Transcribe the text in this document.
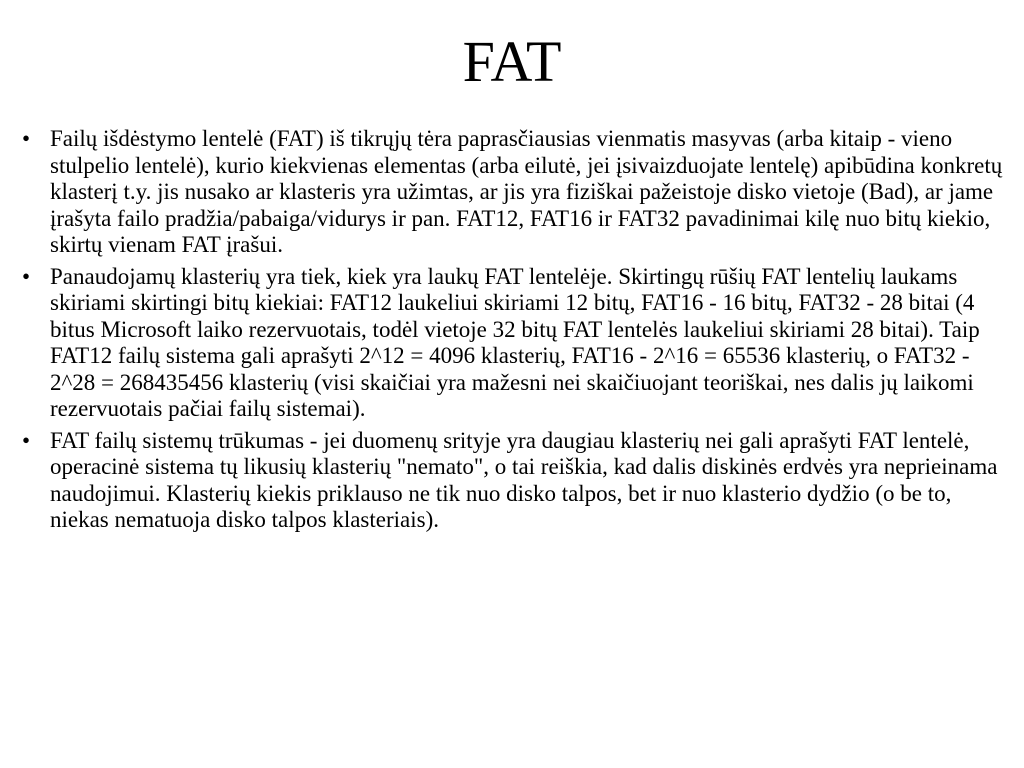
FAT
• Failų išdėstymo lentelė (FAT) iš tikrųjų tėra paprasčiausias vienmatis masyvas (arba kitaip - vieno stulpelio lentelė), kurio kiekvienas elementas (arba eilutė, jei įsivaizduojate lentelę) apibūdina konkretų klasterį t.y. jis nusako ar klasteris yra užimtas, ar jis yra fiziškai pažeistoje disko vietoje (Bad), ar jame įrašyta failo pradžia/pabaiga/vidurys ir pan. FAT12, FAT16 ir FAT32 pavadinimai kilę nuo bitų kiekio, skirtų vienam FAT įrašui.
• Panaudojamų klasterių yra tiek, kiek yra laukų FAT lentelėje. Skirtingų rūšių FAT lentelių laukams skiriami skirtingi bitų kiekiai: FAT12 laukeliui skiriami 12 bitų, FAT16 - 16 bitų, FAT32 - 28 bitai (4 bitus Microsoft laiko rezervuotais, todėl vietoje 32 bitų FAT lentelės laukeliui skiriami 28 bitai). Taip FAT12 failų sistema gali aprašyti 2^12 = 4096 klasterių, FAT16 - 2^16 = 65536 klasterių, o FAT32 - 2^28 = 268435456 klasterių (visi skaičiai yra mažesni nei skaičiuojant teoriškai, nes dalis jų laikomi rezervuotais pačiai failų sistemai).
• FAT failų sistemų trūkumas - jei duomenų srityje yra daugiau klasterių nei gali aprašyti FAT lentelė, operacinė sistema tų likusių klasterių "nemato", o tai reiškia, kad dalis diskinės erdvės yra neprieinama naudojimui. Klasterių kiekis priklauso ne tik nuo disko talpos, bet ir nuo klasterio dydžio (o be to, niekas nematuoja disko talpos klasteriais).
